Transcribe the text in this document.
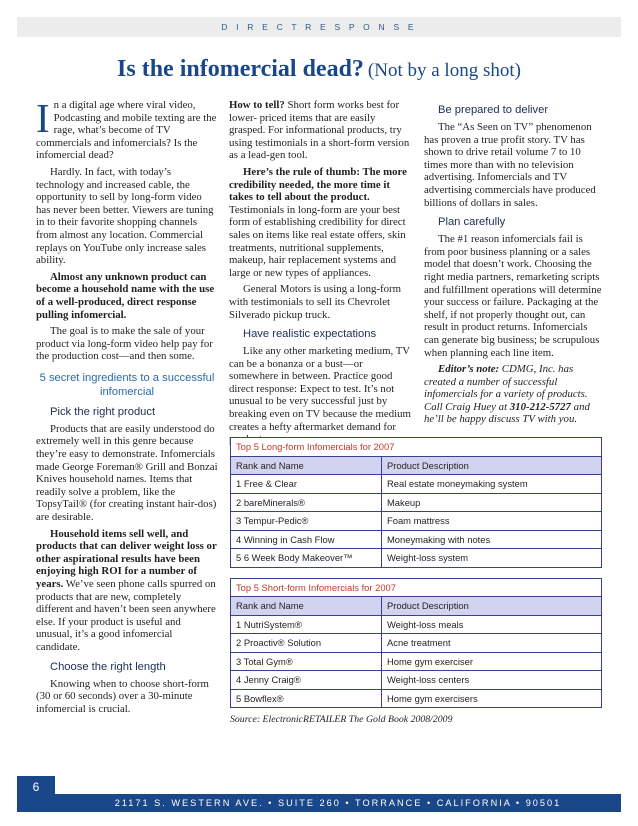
D I R E C T R E S P O N S E
Is the infomercial dead? (Not by a long shot)

In a digital age where viral video, Podcasting and mobile texting are the rage, what’s become of TV commercials and infomercials? Is the infomercial dead?

Hardly. In fact, with today’s technology and increased cable, the opportunity to sell by long-form video has never been better. Viewers are tuning in to their favorite shopping channels from almost any location. Commercial replays on YouTube only increase sales ability.

Almost any unknown product can become a household name with the use of a well-produced, direct response pulling infomercial.

The goal is to make the sale of your product via long-form video help pay for the production cost—and then some.

5 secret ingredients to a successful infomercial
Pick the right product

Products that are easily understood do extremely well in this genre because they’re easy to demonstrate. Infomercials made George Foreman® Grill and Bonzai Knives household names. Items that readily solve a problem, like the TopsyTail® (for creating instant hair-dos) are desirable.

Household items sell well, and products that can deliver weight loss or other aspirational results have been enjoying high ROI for a number of years. We’ve seen phone calls spurred on products that are new, completely different and haven’t been seen anywhere else. If your product is useful and unusual, it’s a good infomercial candidate.

Choose the right length

Knowing when to choose short-form (30 or 60 seconds) over a 30-minute infomercial is crucial.

How to tell? Short form works best for lower- priced items that are easily grasped. For informational products, try using testimonials in a short-form version as a lead-gen tool.

Here’s the rule of thumb: The more credibility needed, the more time it takes to tell about the product. Testimonials in long-form are your best form of establishing credibility for direct sales on items like real estate offers, skin treatments, nutritional supplements, makeup, hair replacement systems and large or new types of appliances.

General Motors is using a long-form with testimonials to sell its Chevrolet Silverado pickup truck.

Have realistic expectations

Like any other marketing medium, TV can be a bonanza or a bust—or somewhere in between. Practice good direct response: Expect to test. It’s not unusual to be very successful just by breaking even on TV because the medium creates a hefty aftermarket demand for

Be prepared to deliver

The “As Seen on TV” phenomenon has proven a true profit story. TV has shown to drive retail volume 7 to 10 times more than with no television advertising. Infomercials and TV advertising commercials have produced billions of dollars in sales.

Plan carefully

The #1 reason infomercials fail is from poor business planning or a sales model that doesn’t work. Choosing the right media partners, remarketing scripts and fulfillment operations will determine your success or failure. Packaging at the shelf, if not properly thought out, can result in product returns. Infomercials can generate big business; be scrupulous when planning each line item.

Editor’s note: CDMG, Inc. has created a number of successful infomercials for a variety of products. Call Craig Huey at 310-212-5727 and he’ll be happy discuss TV with you.

Top 5 Long-form Infomercials for 2007	
Rank and Name	Product Description
1 Free & Clear	Real estate moneymaking system
2 bareMinerals®	Makeup
3 Tempur-Pedic®	Foam mattress
4 Winning in Cash Flow	Moneymaking with notes
5 6 Week Body Makeover™	Weight-loss system
Top 5 Short-form Infomercials for 2007	
Rank and Name	Product Description
1 NutriSystem®	Weight-loss meals
2 Proactiv® Solution	Acne treatment
3 Total Gym®	Home gym exerciser
4 Jenny Craig®	Weight-loss centers
5 Bowflex®	Home gym exercisers
Source: ElectronicRETAILER The Gold Book 2008/2009
6
21171 S. WESTERN AVE. • SUITE 260 • TORRANCE • CALIFORNIA • 90501
